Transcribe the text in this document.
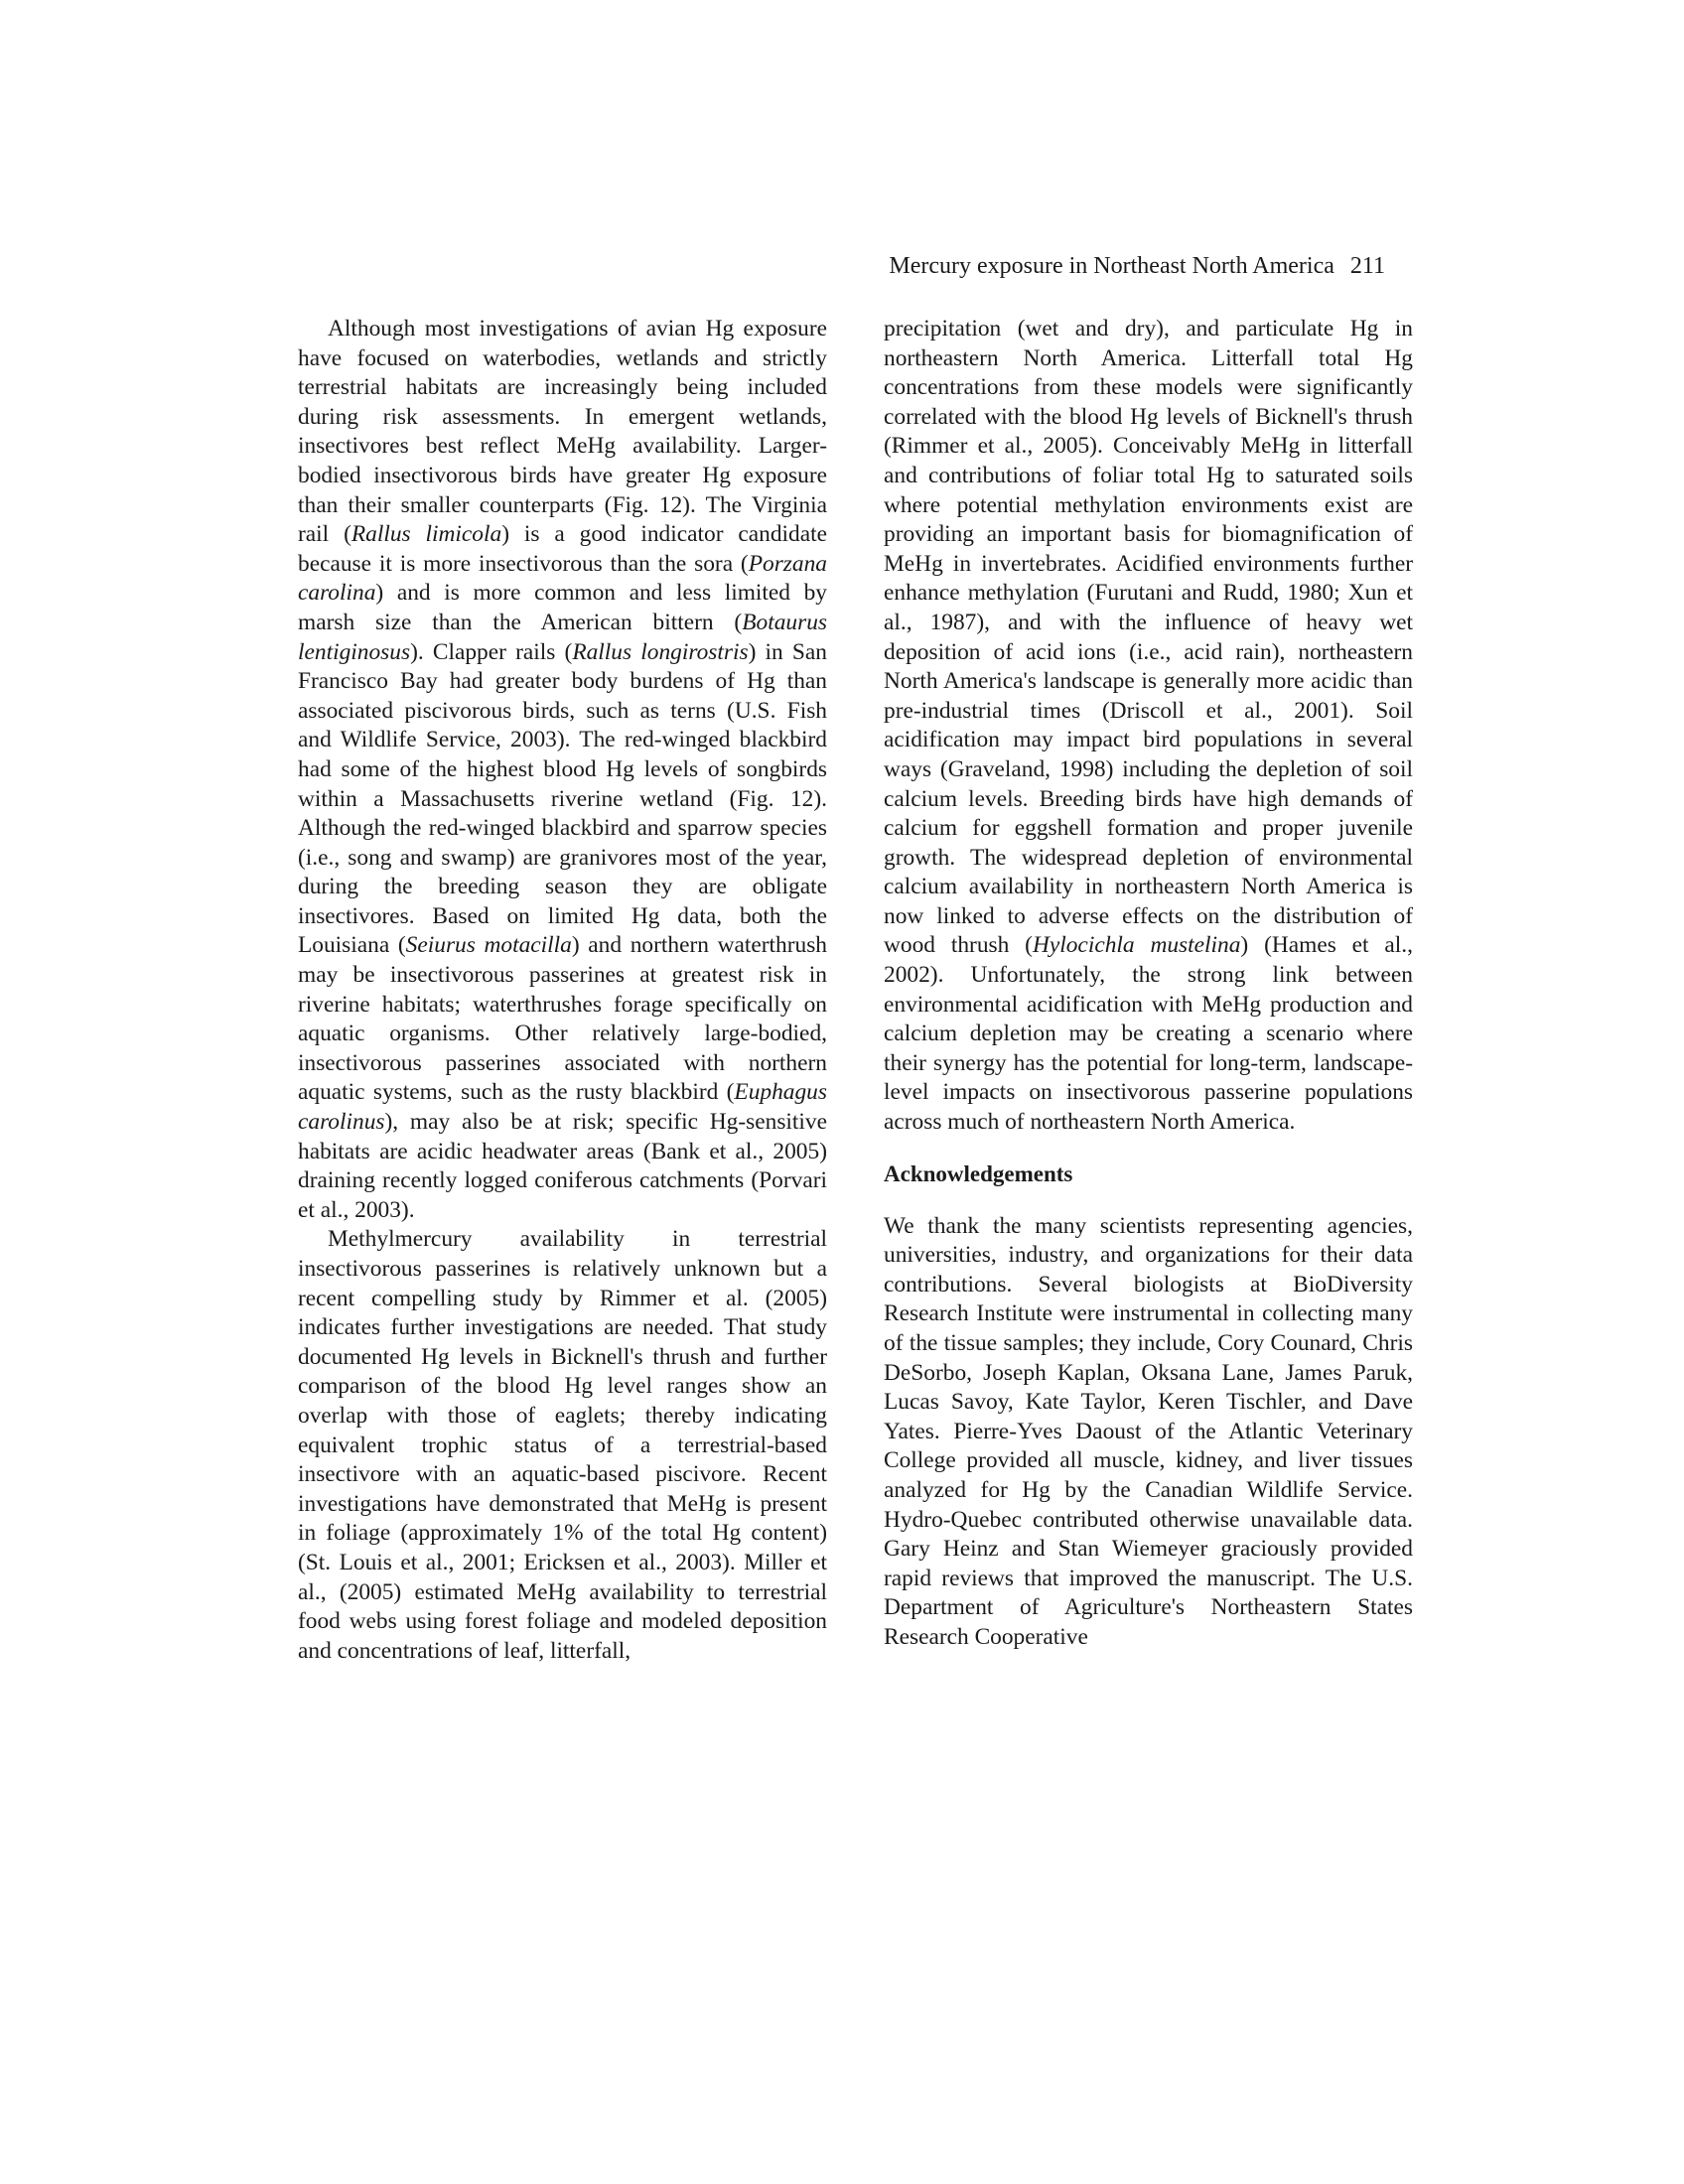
Mercury exposure in Northeast North America 211

Although most investigations of avian Hg exposure have focused on waterbodies, wetlands and strictly terrestrial habitats are increasingly being included during risk assessments. In emergent wetlands, insectivores best reflect MeHg availability. Larger-bodied insectivorous birds have greater Hg exposure than their smaller counterparts (Fig. 12). The Virginia rail (Rallus limicola) is a good indicator candidate because it is more insectivorous than the sora (Porzana carolina) and is more common and less limited by marsh size than the American bittern (Botaurus lentiginosus). Clapper rails (Rallus longirostris) in San Francisco Bay had greater body burdens of Hg than associated piscivorous birds, such as terns (U.S. Fish and Wildlife Service, 2003). The red-winged blackbird had some of the highest blood Hg levels of songbirds within a Massachusetts riverine wetland (Fig. 12). Although the red-winged blackbird and sparrow species (i.e., song and swamp) are granivores most of the year, during the breeding season they are obligate insectivores. Based on limited Hg data, both the Louisiana (Seiurus motacilla) and northern waterthrush may be insectivorous passerines at greatest risk in riverine habitats; waterthrushes forage specifically on aquatic organisms. Other relatively large-bodied, insectivorous passerines associated with northern aquatic systems, such as the rusty blackbird (Euphagus carolinus), may also be at risk; specific Hg-sensitive habitats are acidic headwater areas (Bank et al., 2005) draining recently logged coniferous catchments (Porvari et al., 2003).

Methylmercury availability in terrestrial insectivorous passerines is relatively unknown but a recent compelling study by Rimmer et al. (2005) indicates further investigations are needed. That study documented Hg levels in Bicknell's thrush and further comparison of the blood Hg level ranges show an overlap with those of eaglets; thereby indicating equivalent trophic status of a terrestrial-based insectivore with an aquatic-based piscivore. Recent investigations have demonstrated that MeHg is present in foliage (approximately 1% of the total Hg content) (St. Louis et al., 2001; Ericksen et al., 2003). Miller et al., (2005) estimated MeHg availability to terrestrial food webs using forest foliage and modeled deposition and concentrations of leaf, litterfall,

precipitation (wet and dry), and particulate Hg in northeastern North America. Litterfall total Hg concentrations from these models were significantly correlated with the blood Hg levels of Bicknell's thrush (Rimmer et al., 2005). Conceivably MeHg in litterfall and contributions of foliar total Hg to saturated soils where potential methylation environments exist are providing an important basis for biomagnification of MeHg in invertebrates. Acidified environments further enhance methylation (Furutani and Rudd, 1980; Xun et al., 1987), and with the influence of heavy wet deposition of acid ions (i.e., acid rain), northeastern North America's landscape is generally more acidic than pre-industrial times (Driscoll et al., 2001). Soil acidification may impact bird populations in several ways (Graveland, 1998) including the depletion of soil calcium levels. Breeding birds have high demands of calcium for eggshell formation and proper juvenile growth. The widespread depletion of environmental calcium availability in northeastern North America is now linked to adverse effects on the distribution of wood thrush (Hylocichla mustelina) (Hames et al., 2002). Unfortunately, the strong link between environmental acidification with MeHg production and calcium depletion may be creating a scenario where their synergy has the potential for long-term, landscape-level impacts on insectivorous passerine populations across much of northeastern North America.

Acknowledgements

We thank the many scientists representing agencies, universities, industry, and organizations for their data contributions. Several biologists at BioDiversity Research Institute were instrumental in collecting many of the tissue samples; they include, Cory Counard, Chris DeSorbo, Joseph Kaplan, Oksana Lane, James Paruk, Lucas Savoy, Kate Taylor, Keren Tischler, and Dave Yates. Pierre-Yves Daoust of the Atlantic Veterinary College provided all muscle, kidney, and liver tissues analyzed for Hg by the Canadian Wildlife Service. Hydro-Quebec contributed otherwise unavailable data. Gary Heinz and Stan Wiemeyer graciously provided rapid reviews that improved the manuscript. The U.S. Department of Agriculture's Northeastern States Research Cooperative
